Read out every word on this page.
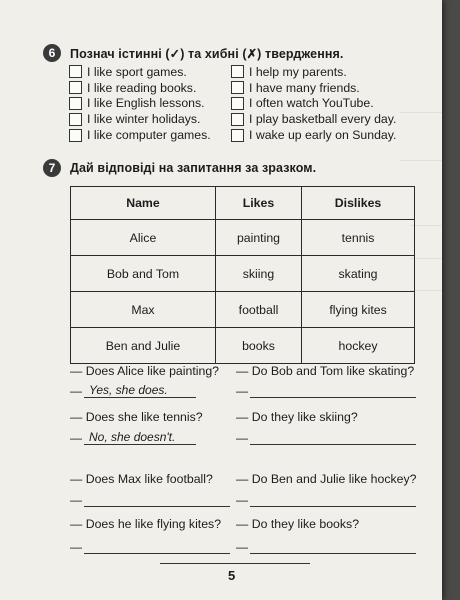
6	Познач істинні (✓) та хибні (✗) твердження.
I like sport games.
I like reading books.
I like English lessons.
I like winter holidays.
I like computer games.
I help my parents.
I have many friends.
I often watch YouTube.
I play basketball every day.
I wake up early on Sunday.
7	Дай відповіді на запитання за зразком.
Name	Likes	Dislikes
Alice	painting	tennis
Bob and Tom	skiing	skating
Max	football	flying kites
Ben and Julie	books	hockey
— Does Alice like painting?
— Yes, she does.
— Does she like tennis?
— No, she doesn't.
— Do Bob and Tom like skating?
—
— Do they like skiing?
—
— Does Max like football?
—
— Does he like flying kites?
—
— Do Ben and Julie like hockey?
—
— Do they like books?
—
5
